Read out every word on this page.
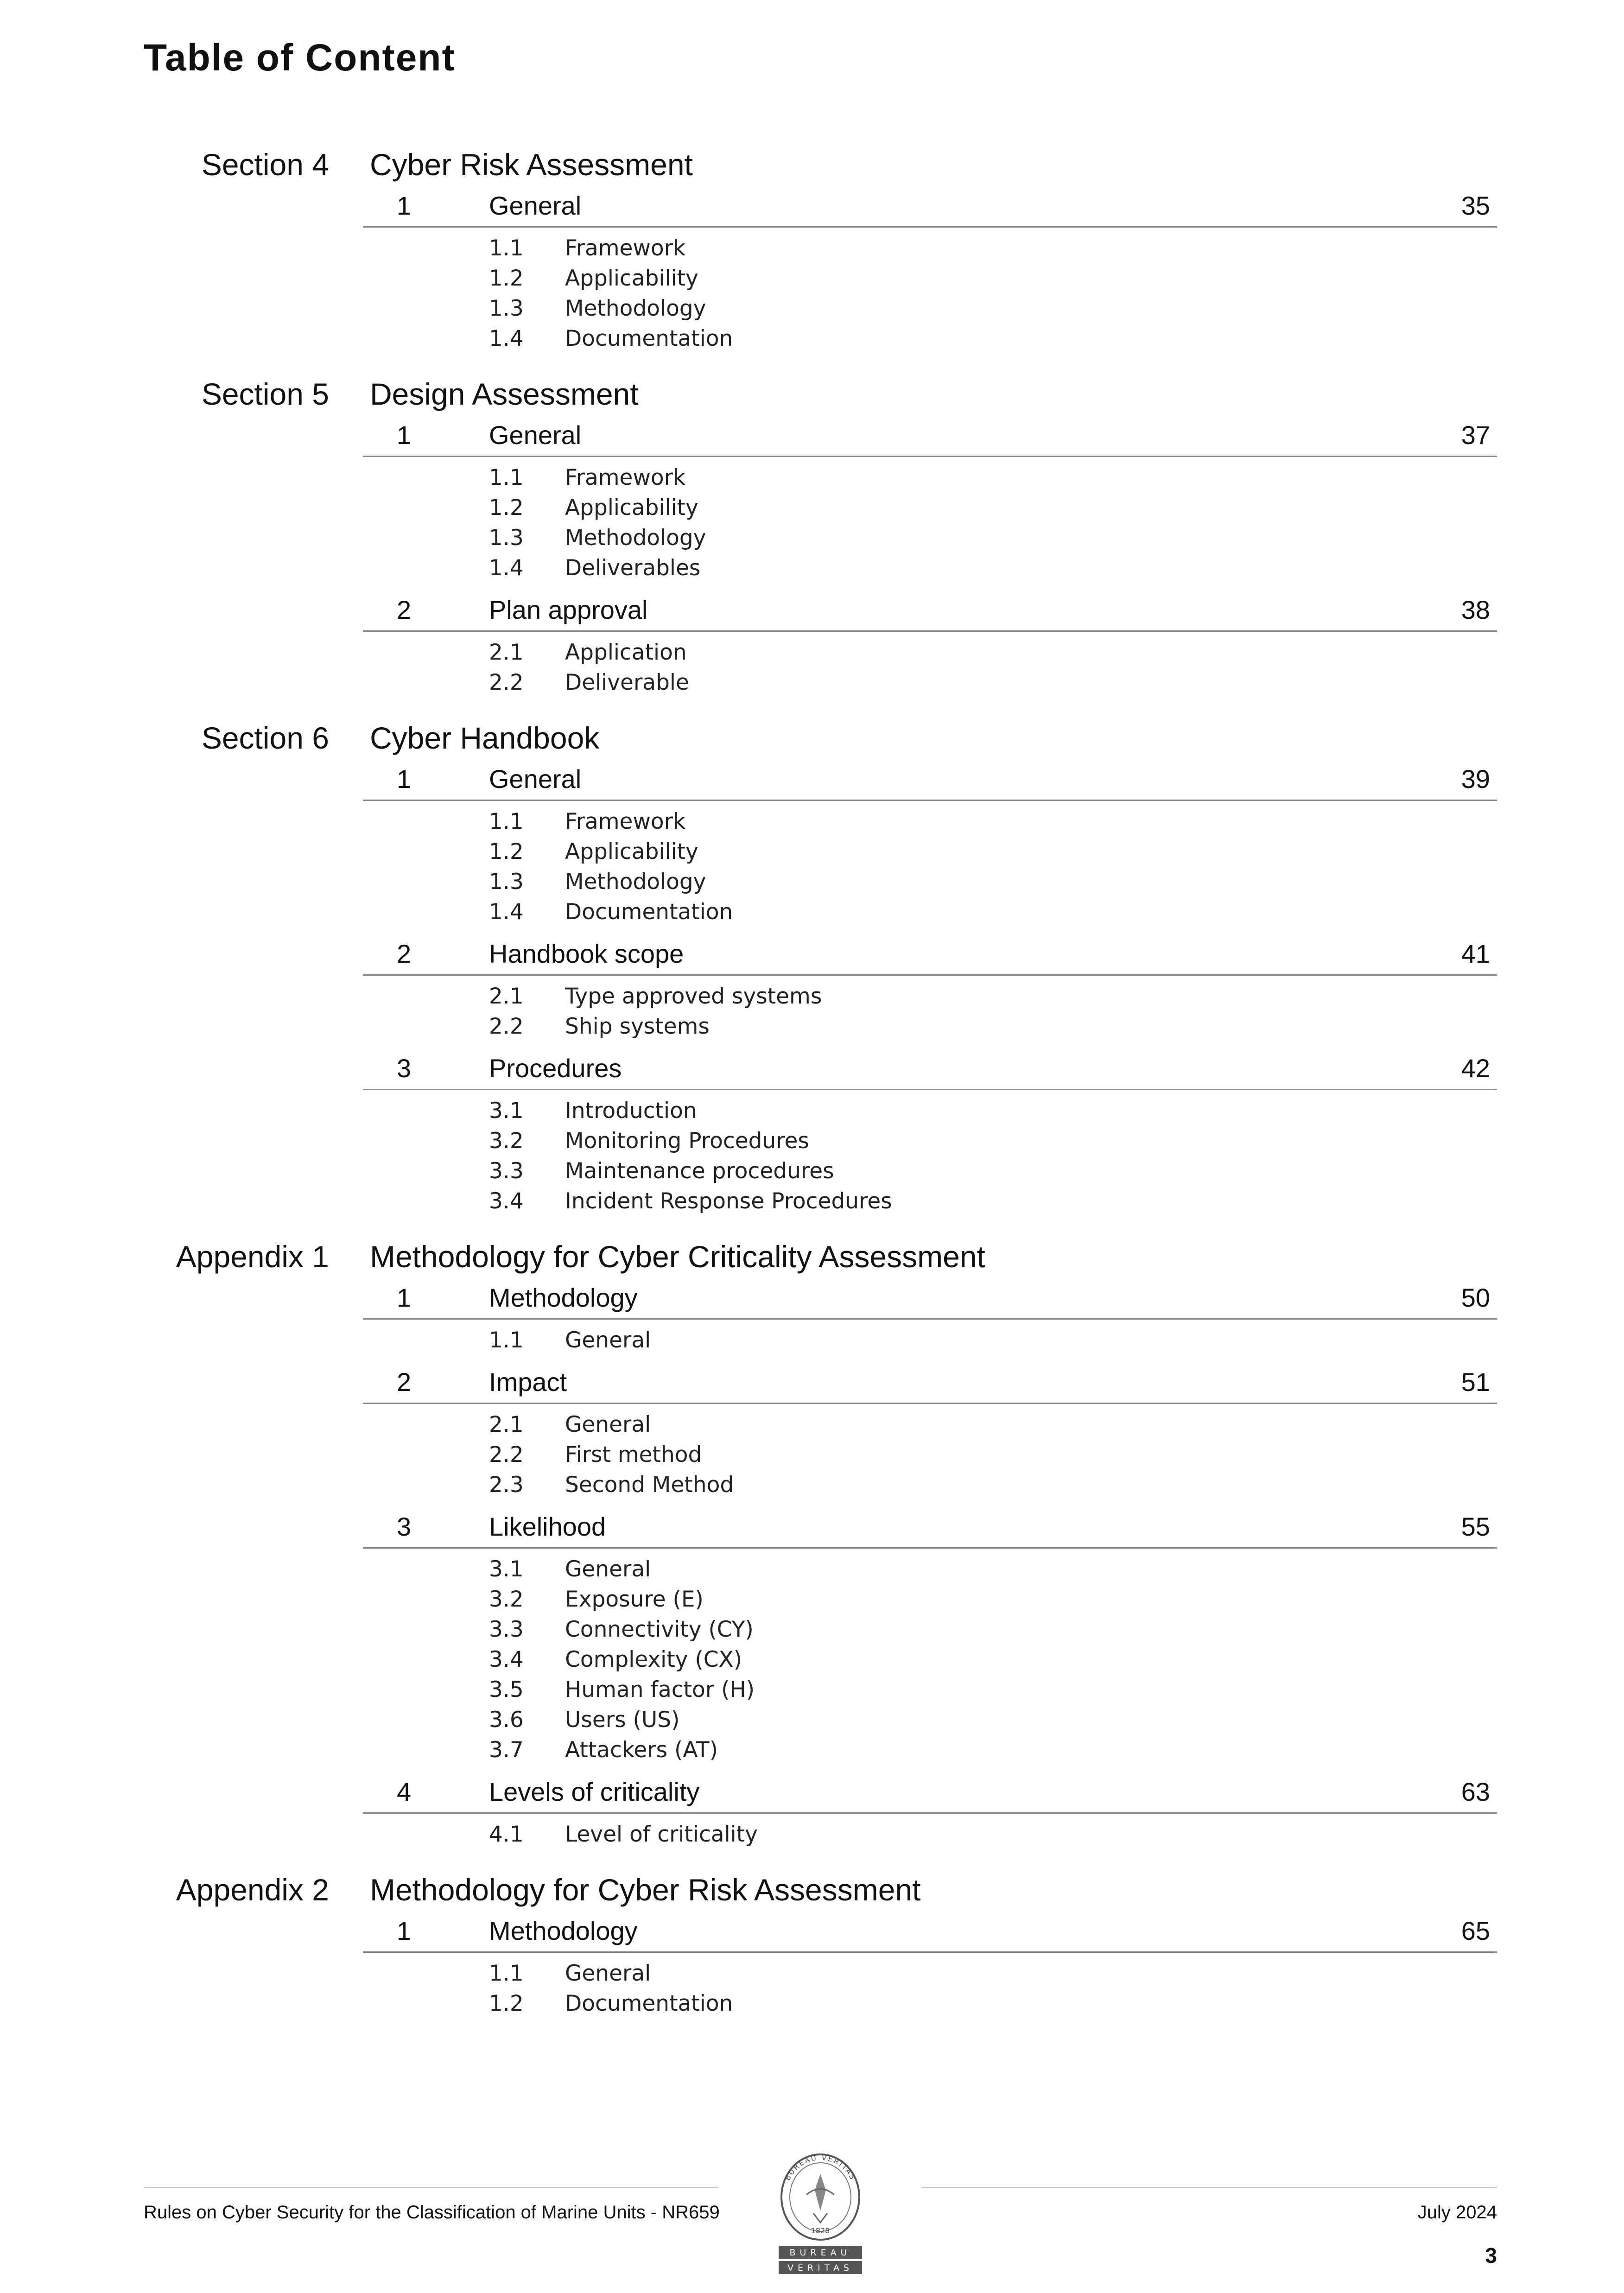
Table of Content
Section 4 Cyber Risk Assessment
1	General	35
1.1 Framework
1.2 Applicability
1.3 Methodology
1.4 Documentation
Section 5 Design Assessment
1	General	37
1.1 Framework
1.2 Applicability
1.3 Methodology
1.4 Deliverables
2	Plan approval	38
2.1 Application
2.2 Deliverable
Section 6 Cyber Handbook
1	General	39
1.1 Framework
1.2 Applicability
1.3 Methodology
1.4 Documentation
2	Handbook scope	41
2.1 Type approved systems
2.2 Ship systems
3	Procedures	42
3.1 Introduction
3.2 Monitoring Procedures
3.3 Maintenance procedures
3.4 Incident Response Procedures
Appendix 1 Methodology for Cyber Criticality Assessment
1	Methodology	50
1.1 General
2	Impact	51
2.1 General
2.2 First method
2.3 Second Method
3	Likelihood	55
3.1 General
3.2 Exposure (E)
3.3 Connectivity (CY)
3.4 Complexity (CX)
3.5 Human factor (H)
3.6 Users (US)
3.7 Attackers (AT)
4	Levels of criticality	63
4.1 Level of criticality
Appendix 2 Methodology for Cyber Risk Assessment
1	Methodology	65
1.1 General
1.2 Documentation
Rules on Cyber Security for the Classification of Marine Units - NR659	July 2024
3
BUREAU VERITAS
1828
BUREAU
VERITAS
